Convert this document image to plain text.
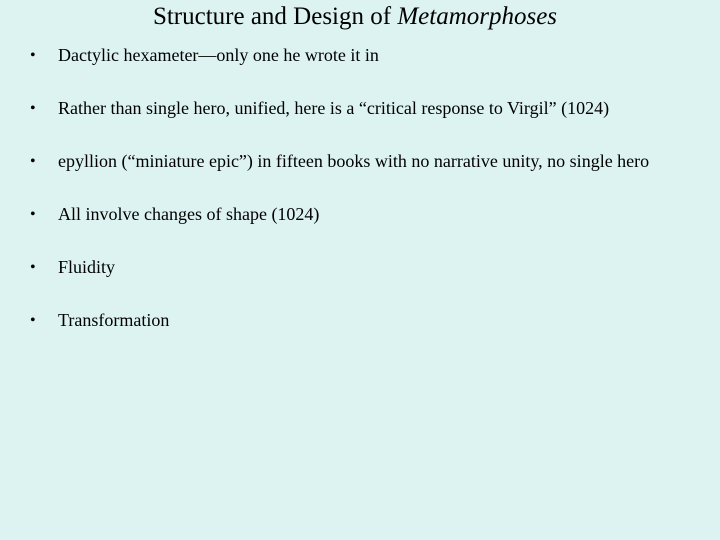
Structure and Design of Metamorphoses
• Dactylic hexameter—only one he wrote it in
• Rather than single hero, unified, here is a “critical response to Virgil” (1024)
• epyllion (“miniature epic”) in fifteen books with no narrative unity, no single hero
• All involve changes of shape (1024)
• Fluidity
• Transformation
